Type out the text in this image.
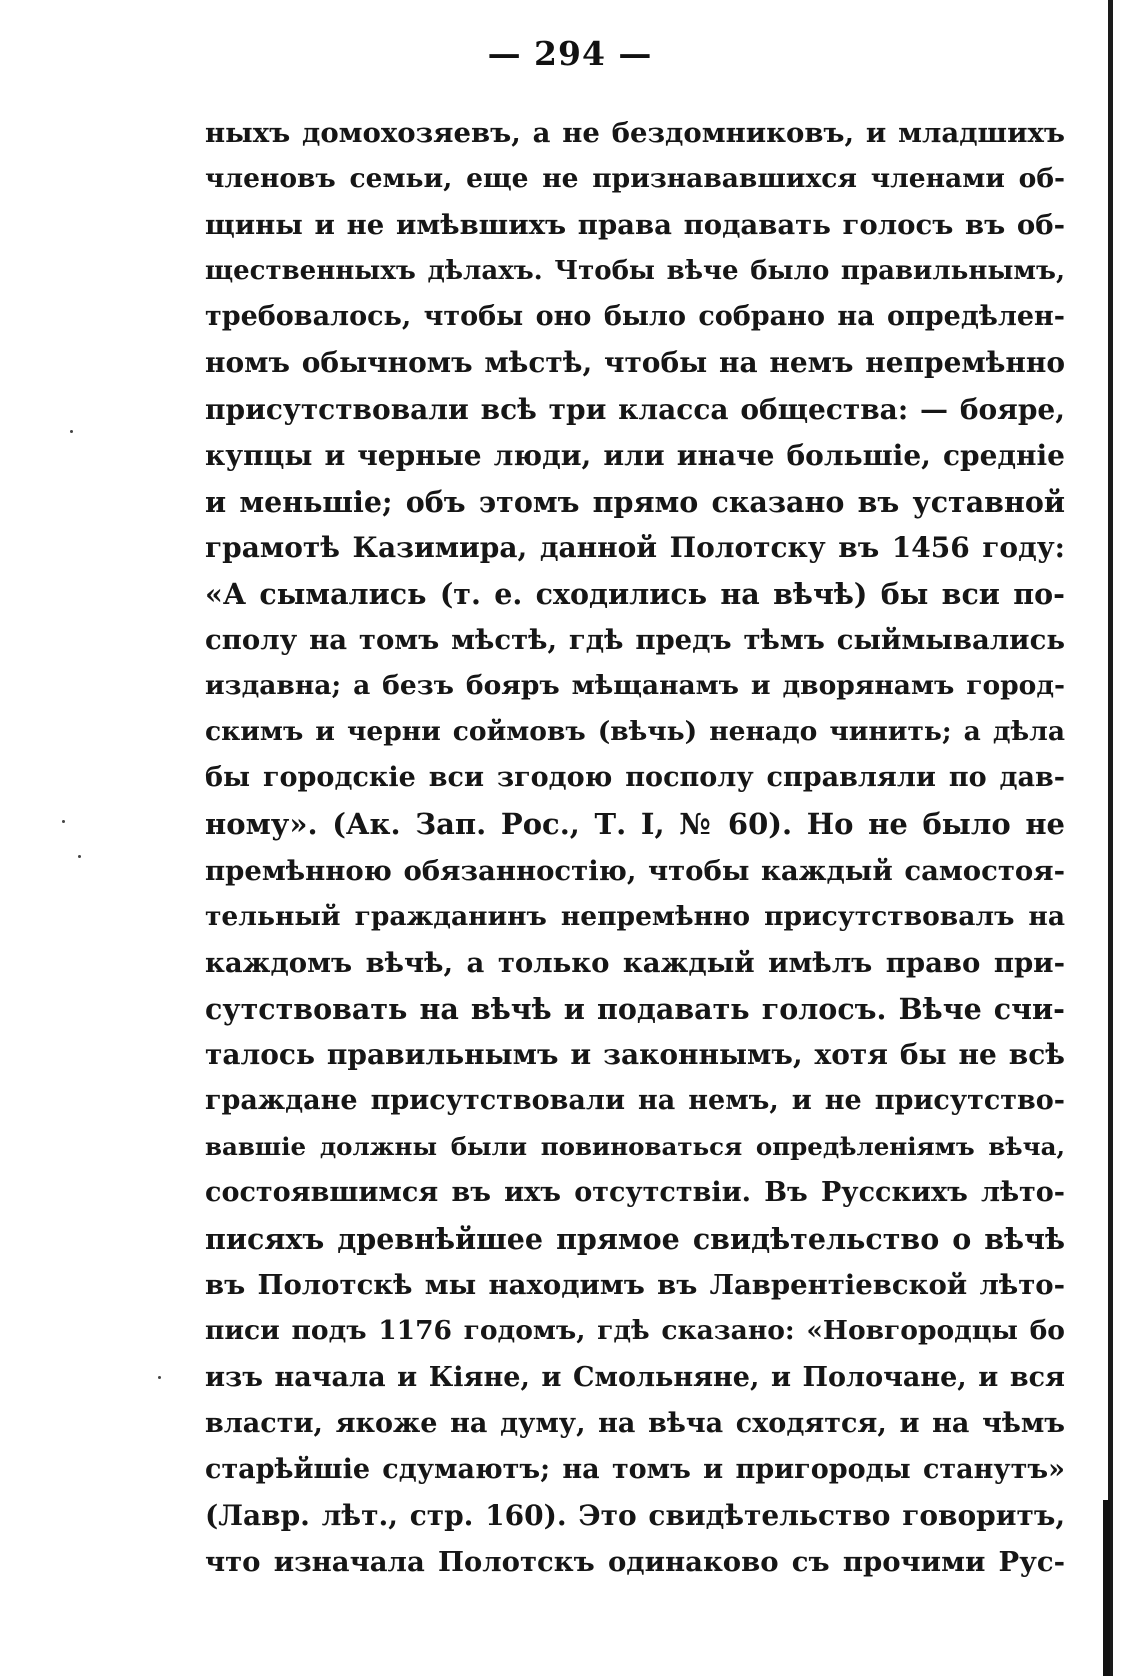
— 294 —
ныхъ домохозяевъ, а не бездомниковъ, и младшихъ
членовъ семьи, еще не признававшихся членами об-
щины и не имѣвшихъ права подавать голосъ въ об-
щественныхъ дѣлахъ. Чтобы вѣче было правильнымъ,
требовалось, чтобы оно было собрано на опредѣлен-
номъ обычномъ мѣстѣ, чтобы на немъ непремѣнно
присутствовали всѣ три класса общества: — бояре,
купцы и черные люди, или иначе большiе, среднiе
и меньшiе; объ этомъ прямо сказано въ уставной
грамотѣ Казимира, данной Полотску въ 1456 году:
«А сымались (т. е. сходились на вѣчѣ) бы вси по-
сполу на томъ мѣстѣ, гдѣ предъ тѣмъ сыймывались
издавна; а безъ бояръ мѣщанамъ и дворянамъ город-
скимъ и черни соймовъ (вѣчь) ненадо чинить; а дѣла
бы городскiе вси згодою посполу справляли по дав-
ному». (Ак. Зап. Рос., Т. I, № 60). Но не было не
премѣнною обязанностiю, чтобы каждый самостоя-
тельный гражданинъ непремѣнно присутствовалъ на
каждомъ вѣчѣ, а только каждый имѣлъ право при-
сутствовать на вѣчѣ и подавать голосъ. Вѣче счи-
талось правильнымъ и законнымъ, хотя бы не всѣ
граждане присутствовали на немъ, и не присутство-
вавшiе должны были повиноваться опредѣленiямъ вѣча,
состоявшимся въ ихъ отсутствiи. Въ Русскихъ лѣто-
писяхъ древнѣйшее прямое свидѣтельство о вѣчѣ
въ Полотскѣ мы находимъ въ Лаврентiевской лѣто-
писи подъ 1176 годомъ, гдѣ сказано: «Новгородцы бо
изъ начала и Кiяне, и Смольняне, и Полочане, и вся
власти, якоже на думу, на вѣча сходятся, и на чѣмъ
старѣйшiе сдумаютъ; на томъ и пригороды станутъ»
(Лавр. лѣт., стр. 160). Это свидѣтельство говоритъ,
что изначала Полотскъ одинаково съ прочими Рус-
